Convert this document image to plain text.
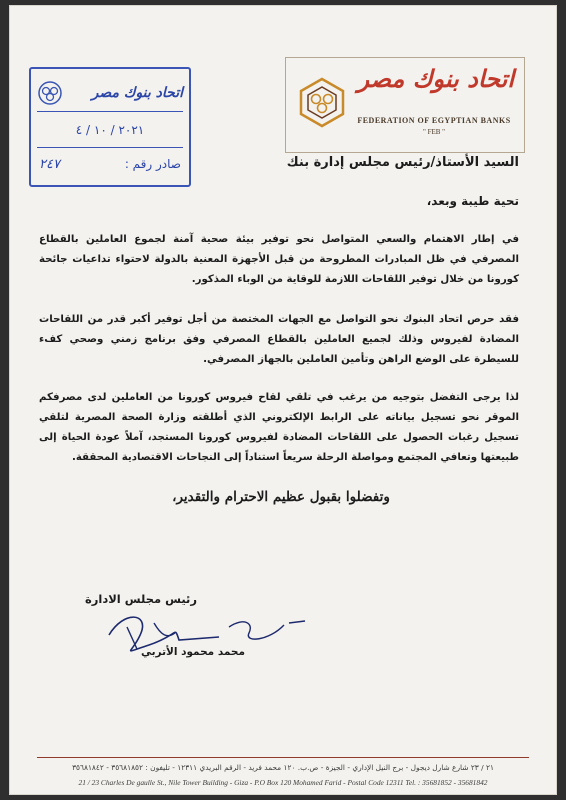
اتحاد بنوك مصر
٢٠٢١ / ١٠ / ٤
٢٤٧	صادر رقم :
اتحاد بنوك مصر
FEDERATION OF EGYPTIAN BANKS
" FEB "
السيد الأستاذ/رئيس مجلس إدارة بنك
تحية طيبة وبعد،
في إطار الاهتمام والسعي المتواصل نحو توفير بيئة صحية آمنة لجموع العاملين بالقطاع المصرفي في ظل المبادرات المطروحة من قبل الأجهزة المعنية بالدولة لاحتواء تداعيات جائحة كورونا من خلال توفير اللقاحات اللازمة للوقاية من الوباء المذكور.
فقد حرص اتحاد البنوك نحو التواصل مع الجهات المختصة من أجل توفير أكبر قدر من اللقاحات المضادة لفيروس وذلك لجميع العاملين بالقطاع المصرفي وفق برنامج زمني وصحي كفء للسيطرة على الوضع الراهن وتأمين العاملين بالجهاز المصرفي.
لذا يرجى التفضل بتوجيه من يرغب في تلقي لقاح فيروس كورونا من العاملين لدى مصرفكم الموقر نحو تسجيل بياناته على الرابط الإلكتروني الذي أطلقته وزارة الصحة المصرية لتلقي تسجيل رغبات الحصول على اللقاحات المضادة لفيروس كورونا المستجد، آملاً عودة الحياة إلى طبيعتها وتعافي المجتمع ومواصلة الرحلة سريعاً استناداً إلى النجاحات الاقتصادية المحققة.
وتفضلوا بقبول عظيم الاحترام والتقدير،
رئيس مجلس الادارة
محمد محمود الأتربي
٢١ / ٢٣ شارع شارل ديجول - برج النيل الإداري - الجيزة - ص.ب. ١٢٠ محمد فريد - الرقم البريدي ١٢٣١١ - تليفون : ٣٥٦٨١٨٥٢ - ٣٥٦٨١٨٤٢
21 / 23 Charles De gaulle St., Nile Tower Building - Giza - P.O Box 120 Mohamed Farid - Postal Code 12311 Tel. : 35681852 - 35681842
